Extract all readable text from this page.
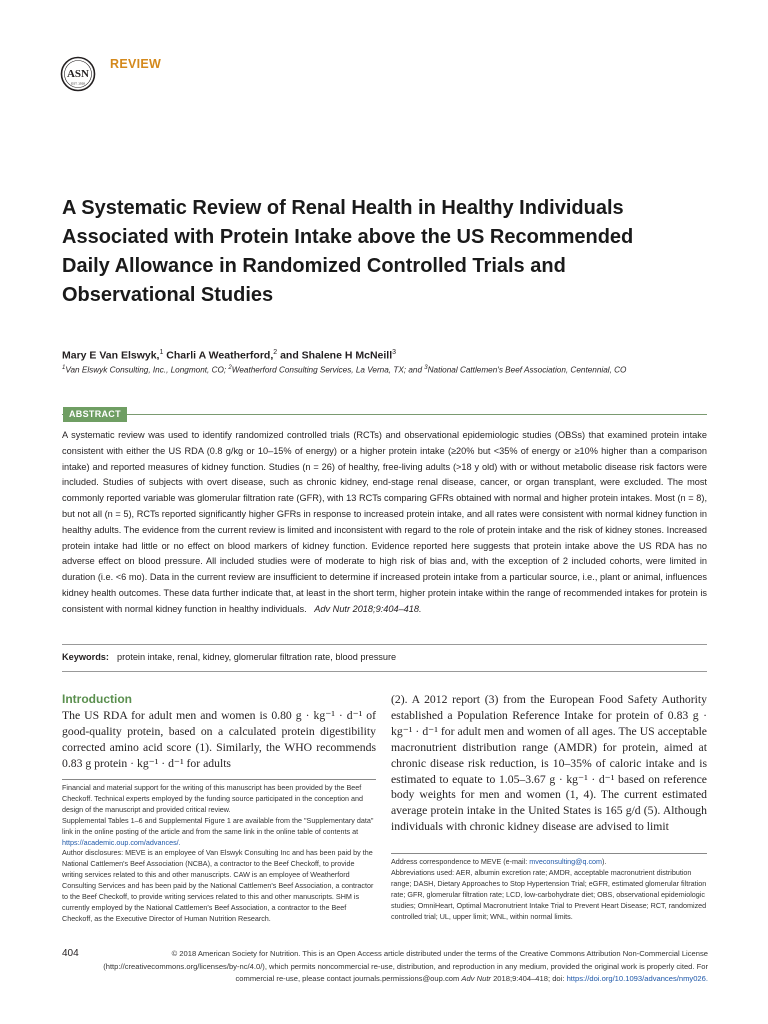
ASN
EST. 1928
REVIEW
A Systematic Review of Renal Health in Healthy Individuals Associated with Protein Intake above the US Recommended Daily Allowance in Randomized Controlled Trials and Observational Studies
Mary E Van Elswyk,$^1$ Charli A Weatherford,$^2$ and Shalene H McNeill$^3$
$^1$Van Elswyk Consulting, Inc., Longmont, CO; $^2$Weatherford Consulting Services, La Verna, TX; and $^3$National Cattlemen's Beef Association, Centennial, CO
ABSTRACT
A systematic review was used to identify randomized controlled trials (RCTs) and observational epidemiologic studies (OBSs) that examined protein intake consistent with either the US RDA (0.8 g/kg or 10–15% of energy) or a higher protein intake (≥20% but <35% of energy or ≥10% higher than a comparison intake) and reported measures of kidney function. Studies (n = 26) of healthy, free-living adults (>18 y old) with or without metabolic disease risk factors were included. Studies of subjects with overt disease, such as chronic kidney, end-stage renal disease, cancer, or organ transplant, were excluded. The most commonly reported variable was glomerular filtration rate (GFR), with 13 RCTs comparing GFRs obtained with normal and higher protein intakes. Most (n = 8), but not all (n = 5), RCTs reported significantly higher GFRs in response to increased protein intake, and all rates were consistent with normal kidney function in healthy adults. The evidence from the current review is limited and inconsistent with regard to the role of protein intake and the risk of kidney stones. Increased protein intake had little or no effect on blood markers of kidney function. Evidence reported here suggests that protein intake above the US RDA has no adverse effect on blood pressure. All included studies were of moderate to high risk of bias and, with the exception of 2 included cohorts, were limited in duration (i.e. <6 mo). Data in the current review are insufficient to determine if increased protein intake from a particular source, i.e., plant or animal, influences kidney health outcomes. These data further indicate that, at least in the short term, higher protein intake within the range of recommended intakes for protein is consistent with normal kidney function in healthy individuals. Adv Nutr 2018;9:404–418.
Keywords: protein intake, renal, kidney, glomerular filtration rate, blood pressure
Introduction
The US RDA for adult men and women is 0.80 g · kg⁻¹ · d⁻¹ of good-quality protein, based on a calculated protein digestibility corrected amino acid score (1). Similarly, the WHO recommends 0.83 g protein · kg⁻¹ · d⁻¹ for adults
(2). A 2012 report (3) from the European Food Safety Authority established a Population Reference Intake for protein of 0.83 g · kg⁻¹ · d⁻¹ for adult men and women of all ages. The US acceptable macronutrient distribution range (AMDR) for protein, aimed at chronic disease risk reduction, is 10–35% of caloric intake and is estimated to equate to 1.05–3.67 g · kg⁻¹ · d⁻¹ based on reference body weights for men and women (1, 4). The current estimated average protein intake in the United States is 165 g/d (5). Although individuals with chronic kidney disease are advised to limit

Financial and material support for the writing of this manuscript has been provided by the Beef Checkoff. Technical experts employed by the funding source participated in the conception and design of the manuscript and provided critical review.

Supplemental Tables 1–6 and Supplemental Figure 1 are available from the "Supplementary data" link in the online posting of the article and from the same link in the online table of contents at https://academic.oup.com/advances/.

Author disclosures: MEVE is an employee of Van Elswyk Consulting Inc and has been paid by the National Cattlemen's Beef Association (NCBA), a contractor to the Beef Checkoff, to provide writing services related to this and other manuscripts. CAW is an employee of Weatherford Consulting Services and has been paid by the National Cattlemen's Beef Association, a contractor to the Beef Checkoff, to provide writing services related to this and other manuscripts. SHM is currently employed by the National Cattlemen's Beef Association, a contractor to the Beef Checkoff, as the Executive Director of Human Nutrition Research.

Address correspondence to MEVE (e-mail: mveconsulting@q.com).

Abbreviations used: AER, albumin excretion rate; AMDR, acceptable macronutrient distribution range; DASH, Dietary Approaches to Stop Hypertension Trial; eGFR, estimated glomerular filtration rate; GFR, glomerular filtration rate; LCD, low-carbohydrate diet; OBS, observational epidemiologic studies; OmniHeart, Optimal Macronutrient Intake Trial to Prevent Heart Disease; RCT, randomized controlled trial; UL, upper limit; WNL, within normal limits.

404	© 2018 American Society for Nutrition. This is an Open Access article distributed under the terms of the Creative Commons Attribution Non-Commercial License
(http://creativecommons.org/licenses/by-nc/4.0/), which permits noncommercial re-use, distribution, and reproduction in any medium, provided the original work is properly cited. For
commercial re-use, please contact journals.permissions@oup.com Adv Nutr 2018;9:404–418; doi: https://doi.org/10.1093/advances/nmy026.
